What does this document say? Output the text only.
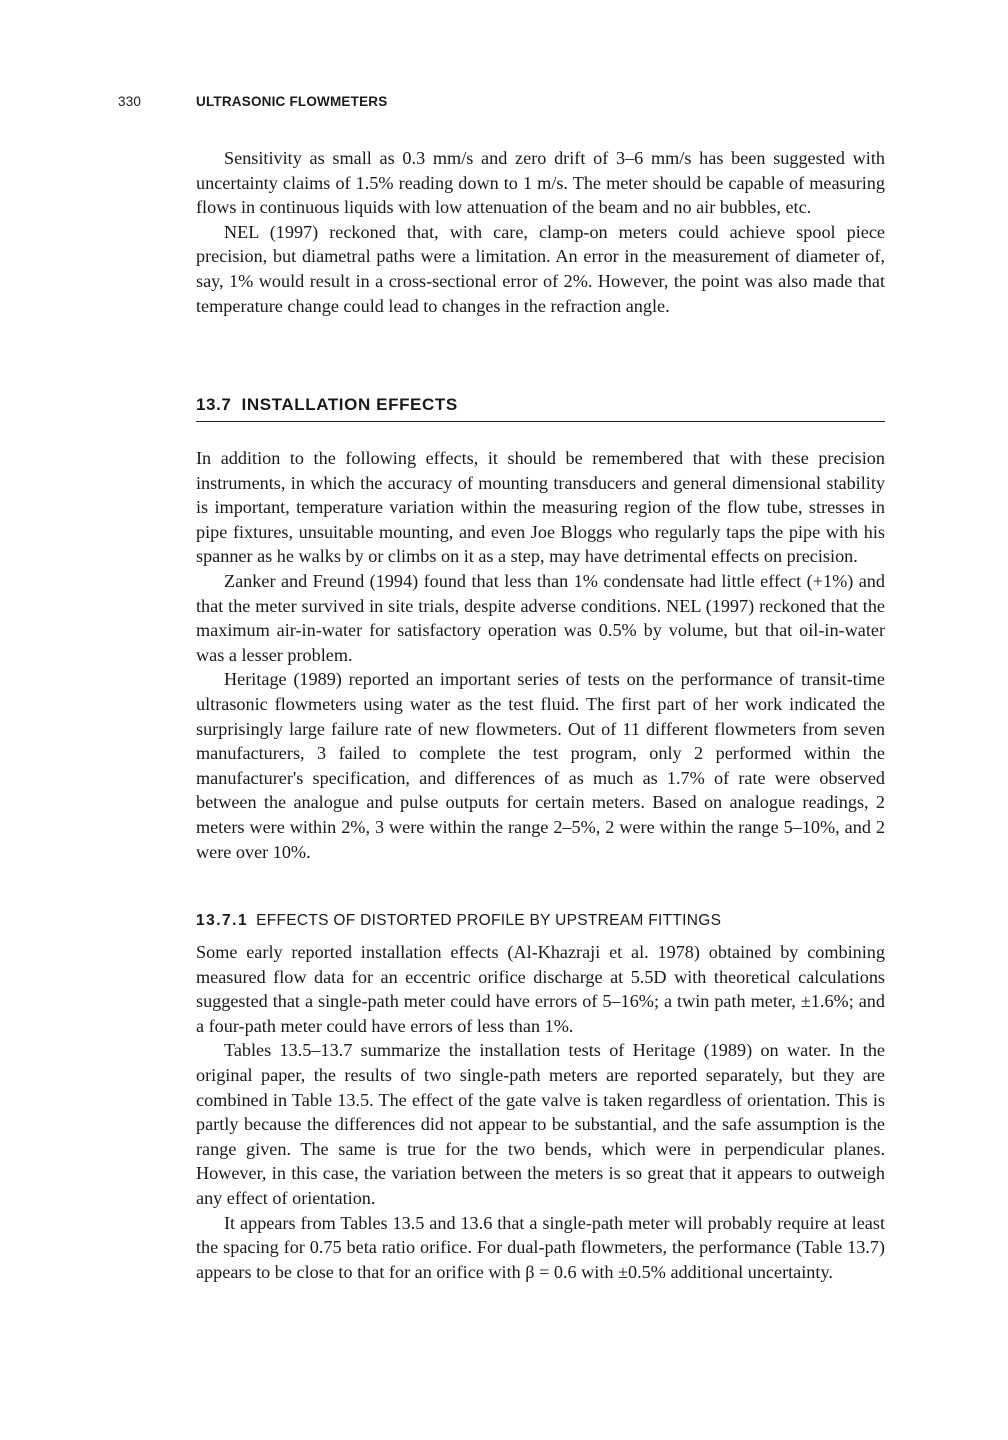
330	ULTRASONIC FLOWMETERS

Sensitivity as small as 0.3 mm/s and zero drift of 3–6 mm/s has been suggested with uncertainty claims of 1.5% reading down to 1 m/s. The meter should be capable of measuring flows in continuous liquids with low attenuation of the beam and no air bubbles, etc.

NEL (1997) reckoned that, with care, clamp-on meters could achieve spool piece precision, but diametral paths were a limitation. An error in the measurement of diameter of, say, 1% would result in a cross-sectional error of 2%. However, the point was also made that temperature change could lead to changes in the refraction angle.

13.7 INSTALLATION EFFECTS

In addition to the following effects, it should be remembered that with these precision instruments, in which the accuracy of mounting transducers and general dimensional stability is important, temperature variation within the measuring region of the flow tube, stresses in pipe fixtures, unsuitable mounting, and even Joe Bloggs who regularly taps the pipe with his spanner as he walks by or climbs on it as a step, may have detrimental effects on precision.

Zanker and Freund (1994) found that less than 1% condensate had little effect (+1%) and that the meter survived in site trials, despite adverse conditions. NEL (1997) reckoned that the maximum air-in-water for satisfactory operation was 0.5% by volume, but that oil-in-water was a lesser problem.

Heritage (1989) reported an important series of tests on the performance of transit-time ultrasonic flowmeters using water as the test fluid. The first part of her work indicated the surprisingly large failure rate of new flowmeters. Out of 11 different flowmeters from seven manufacturers, 3 failed to complete the test program, only 2 performed within the manufacturer's specification, and differences of as much as 1.7% of rate were observed between the analogue and pulse outputs for certain meters. Based on analogue readings, 2 meters were within 2%, 3 were within the range 2–5%, 2 were within the range 5–10%, and 2 were over 10%.

13.7.1 EFFECTS OF DISTORTED PROFILE BY UPSTREAM FITTINGS

Some early reported installation effects (Al-Khazraji et al. 1978) obtained by combining measured flow data for an eccentric orifice discharge at 5.5D with theoretical calculations suggested that a single-path meter could have errors of 5–16%; a twin path meter, ±1.6%; and a four-path meter could have errors of less than 1%.

Tables 13.5–13.7 summarize the installation tests of Heritage (1989) on water. In the original paper, the results of two single-path meters are reported separately, but they are combined in Table 13.5. The effect of the gate valve is taken regardless of orientation. This is partly because the differences did not appear to be substantial, and the safe assumption is the range given. The same is true for the two bends, which were in perpendicular planes. However, in this case, the variation between the meters is so great that it appears to outweigh any effect of orientation.

It appears from Tables 13.5 and 13.6 that a single-path meter will probably require at least the spacing for 0.75 beta ratio orifice. For dual-path flowmeters, the performance (Table 13.7) appears to be close to that for an orifice with β = 0.6 with ±0.5% additional uncertainty.
